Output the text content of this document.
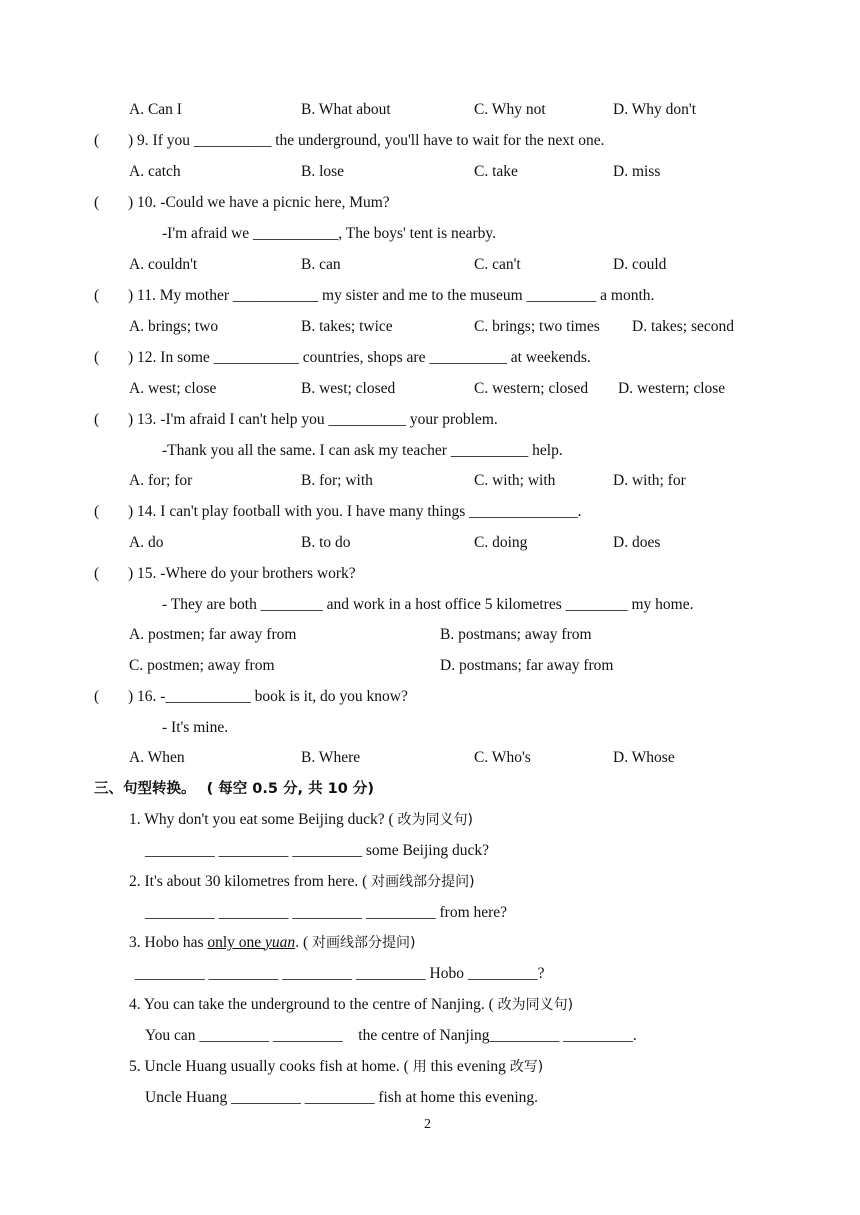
A. Can I	B. What about	C. Why not	D. Why don't
( ) 9. If you __________ the underground, you'll have to wait for the next one.
A. catch	B. lose	C. take	D. miss
( ) 10. -Could we have a picnic here, Mum?
-I'm afraid we ___________, The boys' tent is nearby.
A. couldn't	B. can	C. can't	D. could
( ) 11. My mother ___________ my sister and me to the museum _________ a month.
A. brings; two	B. takes; twice	C. brings; two times D. takes; second
( ) 12. In some ___________ countries, shops are __________ at weekends.
A. west; close	B. west; closed	C. western; closed D. western; close
( ) 13. -I'm afraid I can't help you __________ your problem.
-Thank you all the same. I can ask my teacher __________ help.
A. for; for	B. for; with	C. with; with	D. with; for
( ) 14. I can't play football with you. I have many things ______________.
A. do	B. to do	C. doing	D. does
( ) 15. -Where do your brothers work?
- They are both ________ and work in a host office 5 kilometres ________ my home.
A. postmen; far away from	B. postmans; away from
C. postmen; away from	D. postmans; far away from
( ) 16. -___________ book is it, do you know?
- It's mine.
A. When	B. Where	C. Who's	D. Whose
三、句型转换。 ( 每空 0.5 分, 共 10 分)
1. Why don't you eat some Beijing duck? ( 改为同义句)
_________ _________ _________ some Beijing duck?
2. It's about 30 kilometres from here. ( 对画线部分提问)
_________ _________ _________ _________ from here?
3. Hobo has only one yuan. ( 对画线部分提问)
_________ _________ _________ _________ Hobo _________?
4. You can take the underground to the centre of Nanjing. ( 改为同义句)
You can _________ _________    the centre of Nanjing_________ _________.
5. Uncle Huang usually cooks fish at home. ( 用 this evening 改写)
Uncle Huang _________ _________ fish at home this evening.
2
